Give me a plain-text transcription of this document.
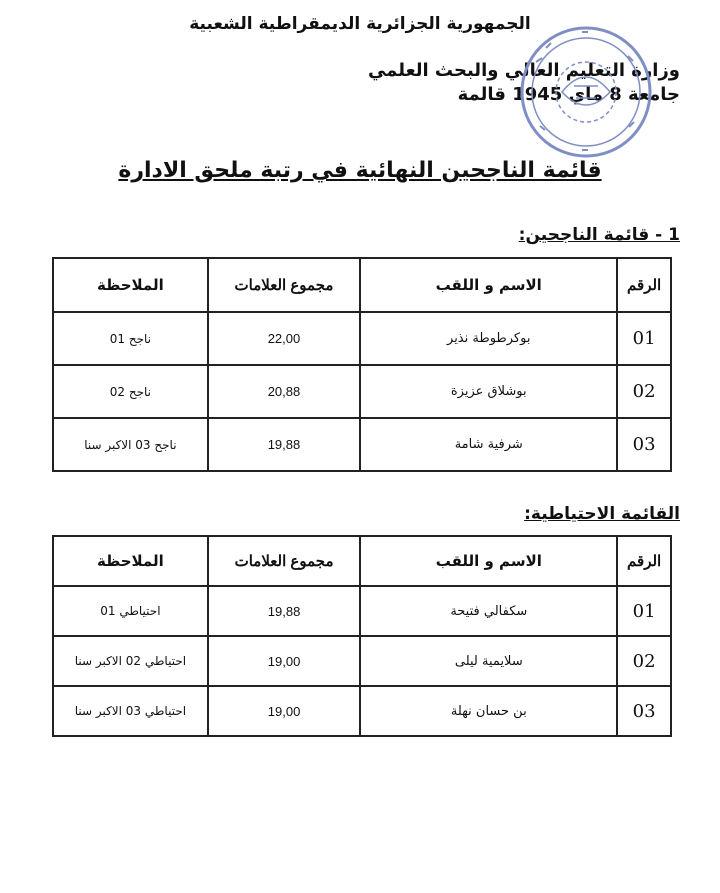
الجمهورية الجزائرية الديمقراطية الشعبية
وزارة التعليم العالي والبحث العلمي
جامعة 8 ماي 1945 قالمة
قائمة الناجحين النهائية في رتبة ملحق الادارة
1 - قائمة الناجحين:
الرقم	الاسم و اللقب	مجموع العلامات	الملاحظة
01	بوكرطوطة نذير	22,00	ناجح 01
02	بوشلاق عزيزة	20,88	ناجح 02
03	شرفية شامة	19,88	ناجح 03 الاكبر سنا
القائمة الاحتياطية:
الرقم	الاسم و اللقب	مجموع العلامات	الملاحظة
01	سكفالي فتيحة	19,88	احتياطي 01
02	سلايمية ليلى	19,00	احتياطي 02 الاكبر سنا
03	بن حسان نهلة	19,00	احتياطي 03 الاكبر سنا
